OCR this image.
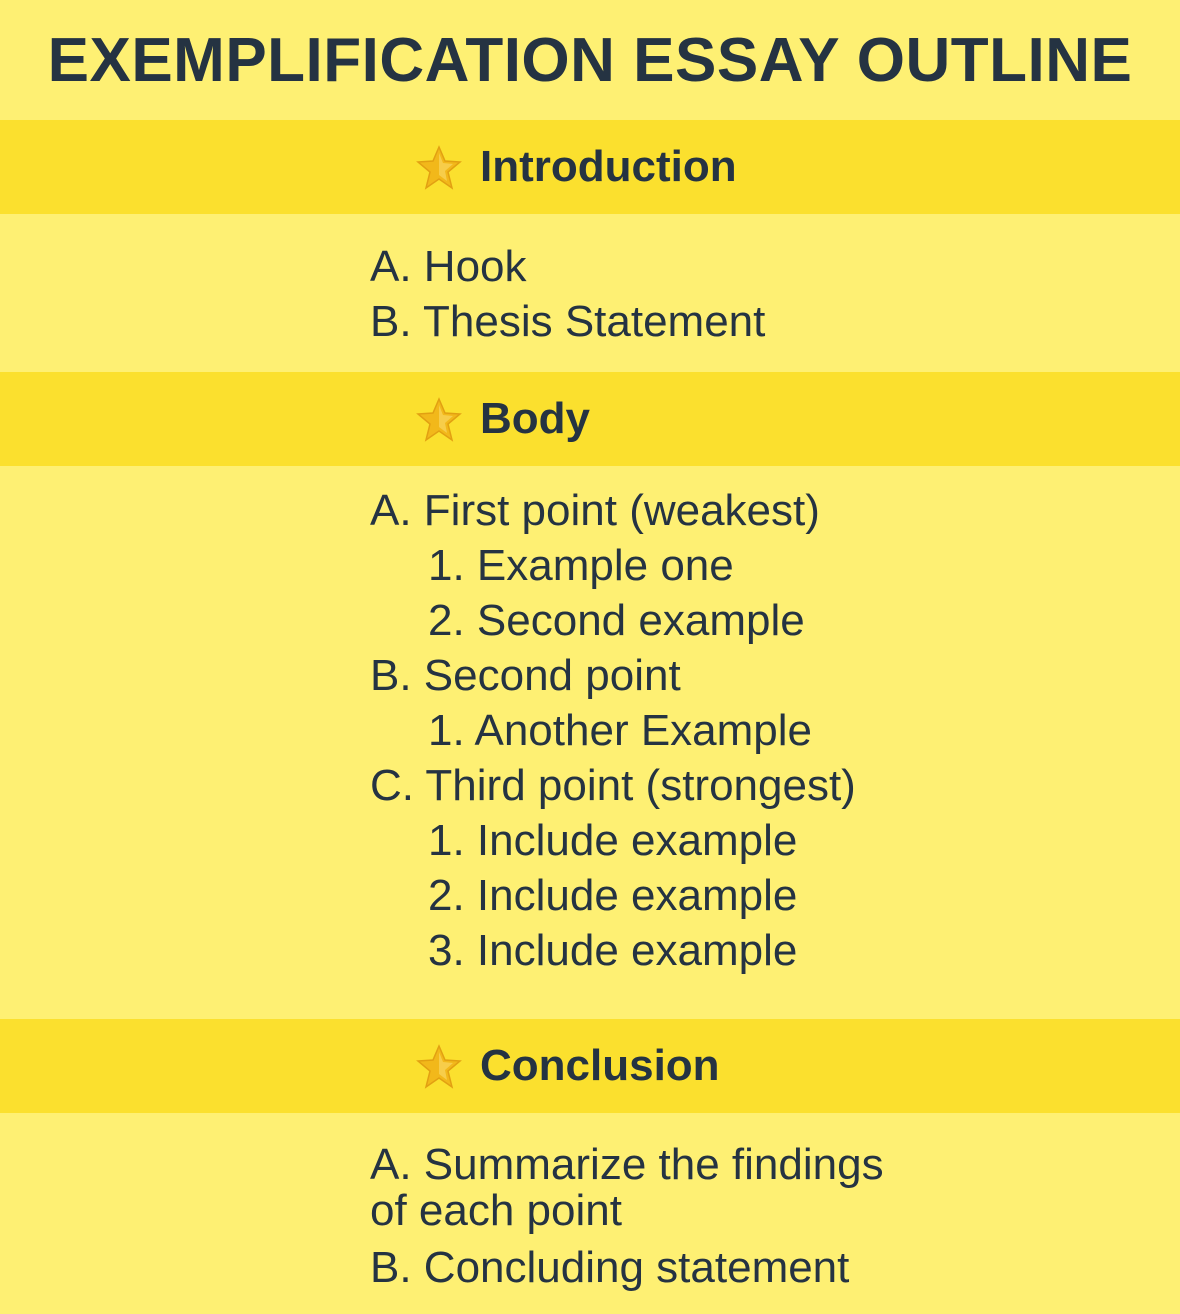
EXEMPLIFICATION ESSAY OUTLINE
Introduction
A. Hook
B. Thesis Statement
Body
A. First point (weakest)
1. Example one
2. Second example
B. Second point
1. Another Example
C. Third point (strongest)
1. Include example
2. Include example
3. Include example
Conclusion
A. Summarize the findings of each point
B. Concluding statement
